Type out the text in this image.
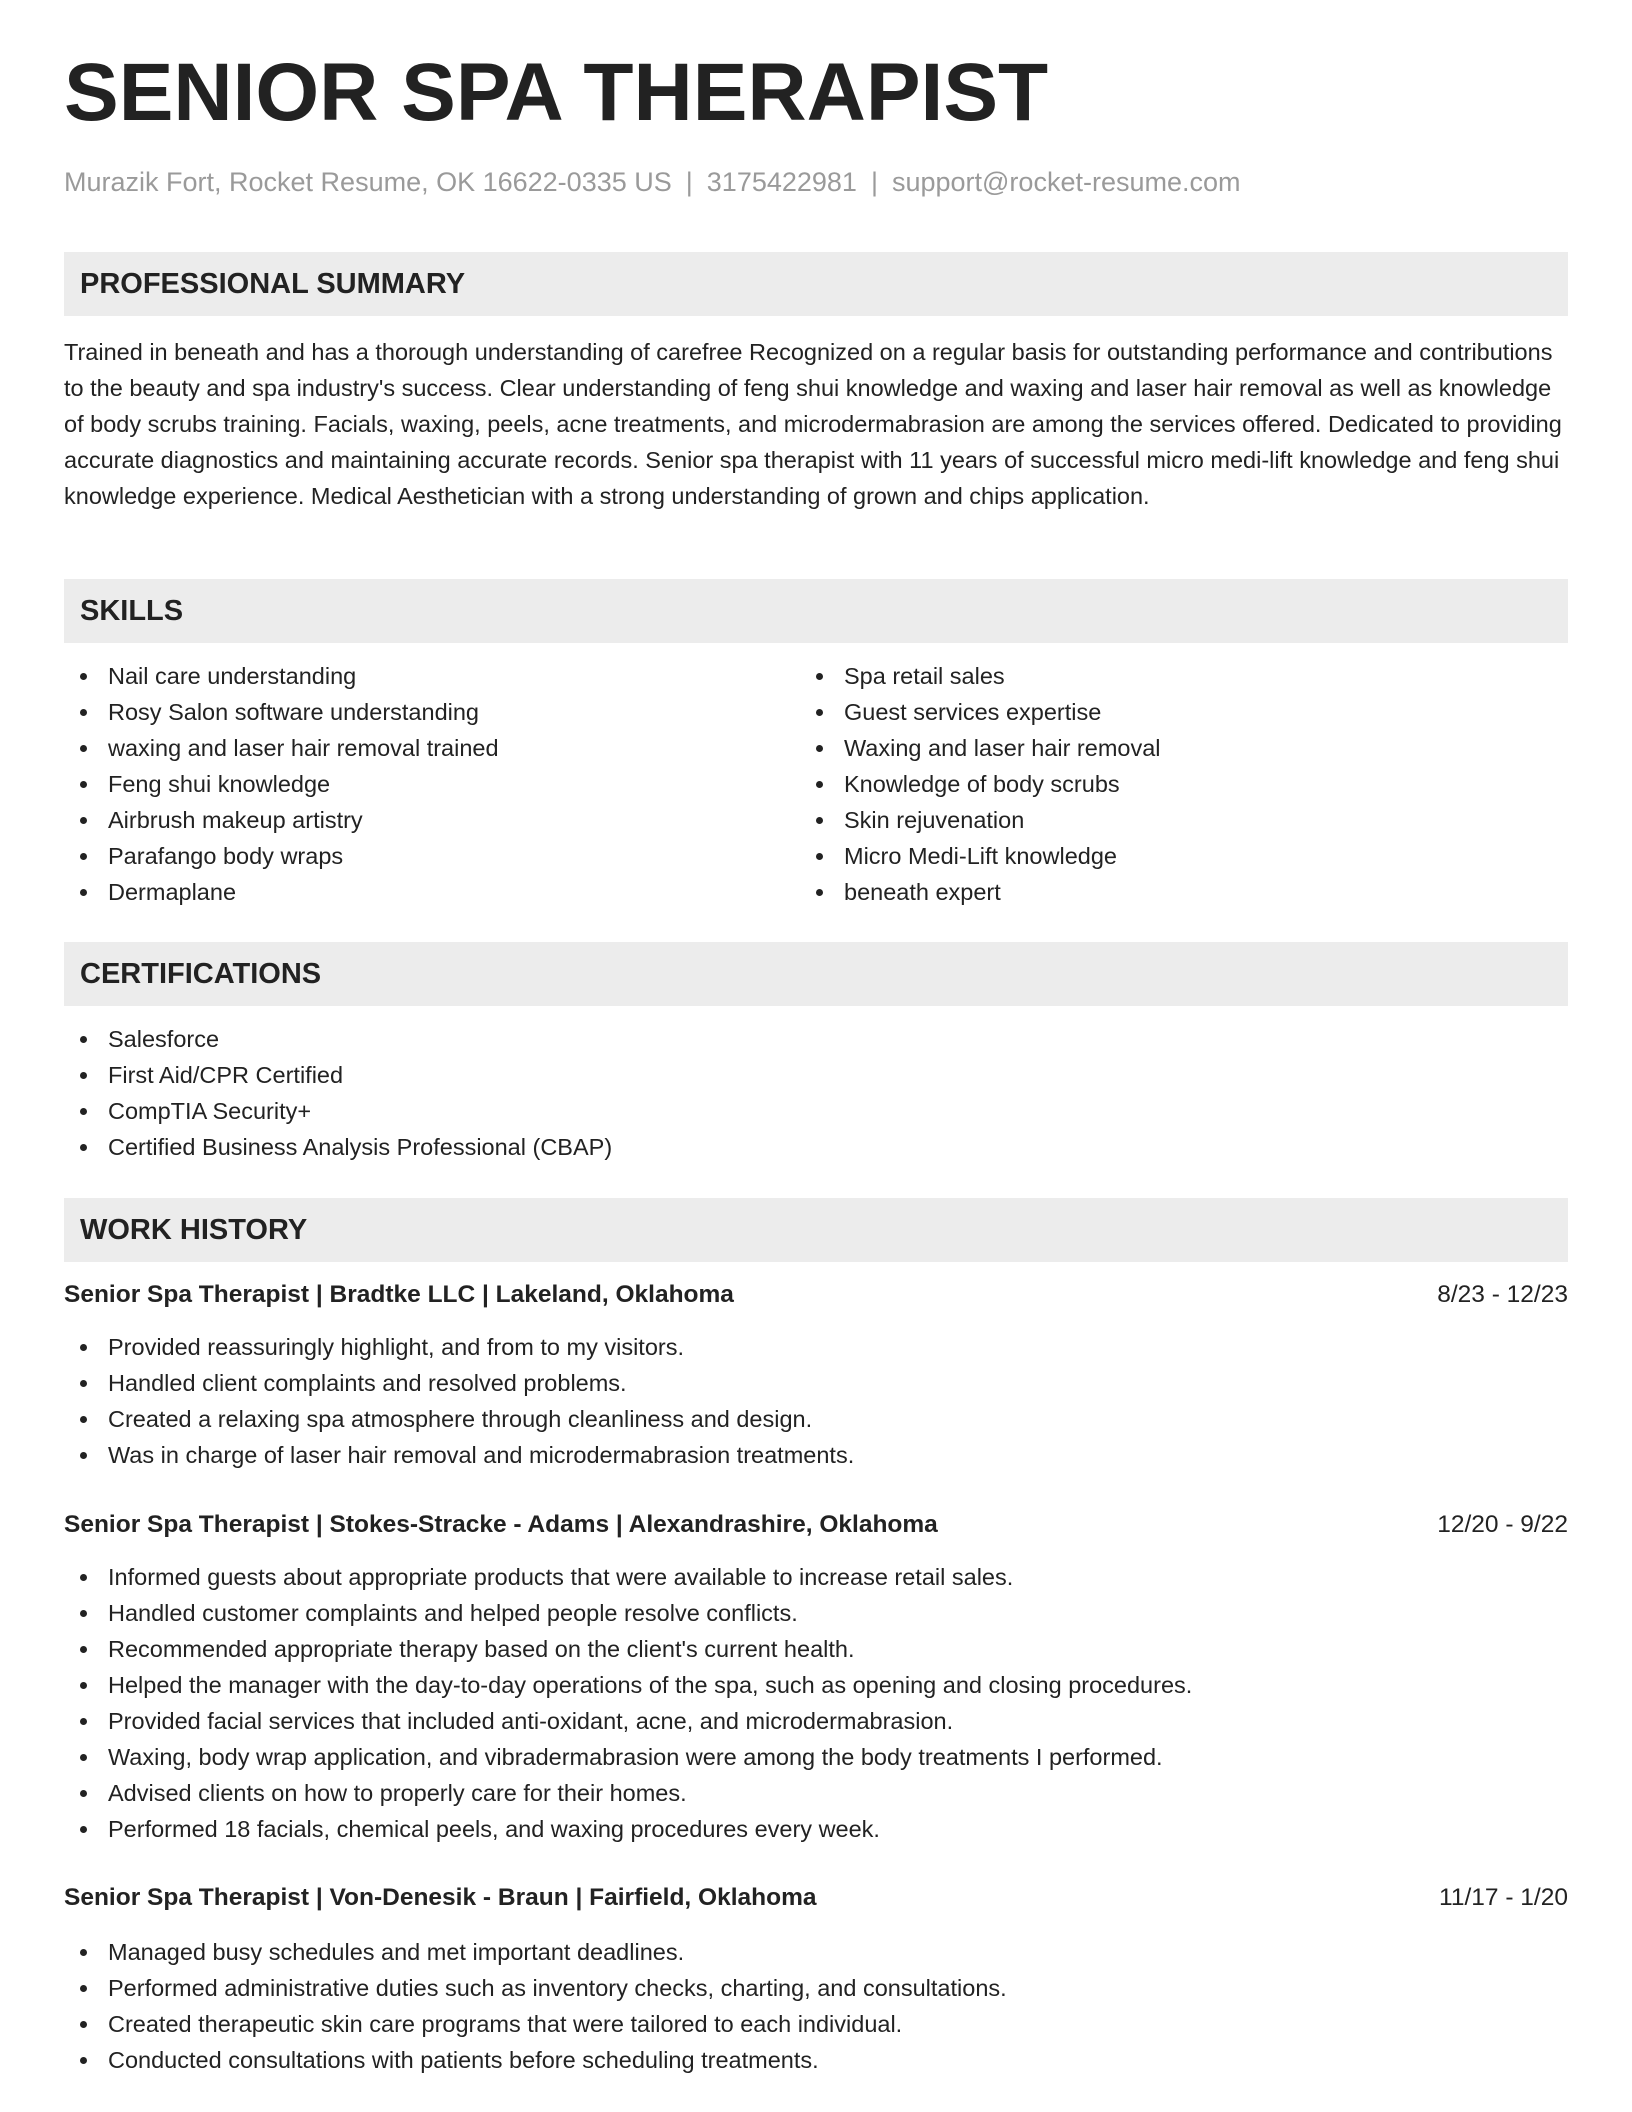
SENIOR SPA THERAPIST
Murazik Fort, Rocket Resume, OK 16622-0335 US | 3175422981 | support@rocket-resume.com
PROFESSIONAL SUMMARY

Trained in beneath and has a thorough understanding of carefree Recognized on a regular basis for outstanding performance and contributions to the beauty and spa industry's success. Clear understanding of feng shui knowledge and waxing and laser hair removal as well as knowledge of body scrubs training. Facials, waxing, peels, acne treatments, and microdermabrasion are among the services offered. Dedicated to providing accurate diagnostics and maintaining accurate records. Senior spa therapist with 11 years of successful micro medi-lift knowledge and feng shui knowledge experience. Medical Aesthetician with a strong understanding of grown and chips application.

SKILLS
Nail care understanding
Rosy Salon software understanding
waxing and laser hair removal trained
Feng shui knowledge
Airbrush makeup artistry
Parafango body wraps
Dermaplane
Spa retail sales
Guest services expertise
Waxing and laser hair removal
Knowledge of body scrubs
Skin rejuvenation
Micro Medi-Lift knowledge
beneath expert
CERTIFICATIONS
Salesforce
First Aid/CPR Certified
CompTIA Security+
Certified Business Analysis Professional (CBAP)
WORK HISTORY
Senior Spa Therapist | Bradtke LLC | Lakeland, Oklahoma	8/23 - 12/23
Provided reassuringly highlight, and from to my visitors.
Handled client complaints and resolved problems.
Created a relaxing spa atmosphere through cleanliness and design.
Was in charge of laser hair removal and microdermabrasion treatments.
Senior Spa Therapist | Stokes-Stracke - Adams | Alexandrashire, Oklahoma	12/20 - 9/22
Informed guests about appropriate products that were available to increase retail sales.
Handled customer complaints and helped people resolve conflicts.
Recommended appropriate therapy based on the client's current health.
Helped the manager with the day-to-day operations of the spa, such as opening and closing procedures.
Provided facial services that included anti-oxidant, acne, and microdermabrasion.
Waxing, body wrap application, and vibradermabrasion were among the body treatments I performed.
Advised clients on how to properly care for their homes.
Performed 18 facials, chemical peels, and waxing procedures every week.
Senior Spa Therapist | Von-Denesik - Braun | Fairfield, Oklahoma	11/17 - 1/20
Managed busy schedules and met important deadlines.
Performed administrative duties such as inventory checks, charting, and consultations.
Created therapeutic skin care programs that were tailored to each individual.
Conducted consultations with patients before scheduling treatments.
